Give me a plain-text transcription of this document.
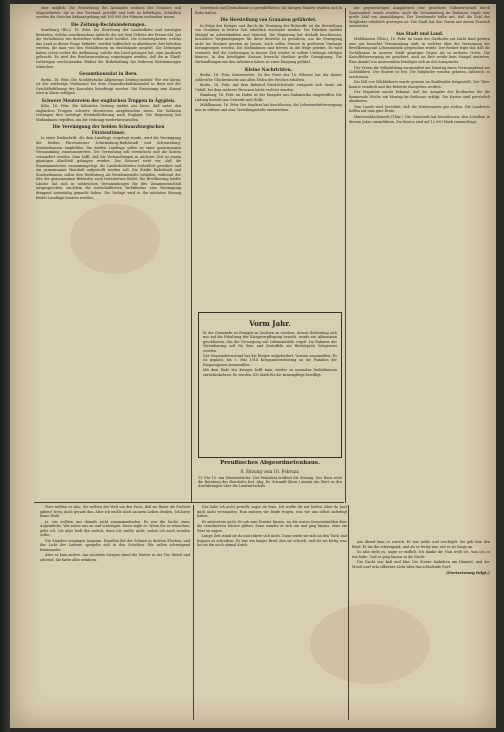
eher möglich. Die Festsetzung des Auslandes wohnen des Senators und Abgeordneten, die in den Vorstand gewählt und teils zu beleidigen, Schädlich worden die Gerichte Bekanntgebung mit 160 000 der Münzen vorhanden waren.

Die Zeitung-Rechtsänderungen.

Straßburg (Els.), 16. Febr. Die Beziehung der Landesflotte und sonstigen Behörden, welche unverkennbare Aufsicht der auf dem Gebiete der Presse übt, hat die Verhältnisse des deutschen Volkes nicht berührt. Die Schwierigkeiten, welche das Land in dieser Frage befindet, werden hoffentlich in absehbarer Zeit behoben werden, die man von den Verhältnissen im Reichslande ausgeht. Die Zeitungen haben schon vorher die Auffassung, welche das Land getragen hat, zum Ausdruck gebracht. Es wird der Reichsverwaltung vorgetragen werden, daß die in Elsaß-Lothringen erscheinenden Blätter die Beibehaltung der früheren Bestimmungen wünschen.

Gesamtkonsulat in Bern.

Berlin, 16. Febr. Die Norddeutsche Allgemeine Zeitung meldet: Wie wir hören, ist der seitherige Vizekonsul bei dem Gesandtschaftskonsulat in Bern mit der Geschäftsführung des Konsulats beauftragt worden. Die Ernennung zum Konsul wird in Kürze erfolgen.

Schwere Meutereien der englischen Truppen in Ägypten.

Köln, 16. Febr. Die Kölnische Zeitung meldet aus Kairo, daß unter den englischen Truppen schwere Meutereien ausgebrochen seien. Die Soldaten verlangen ihre sofortige Heimbeförderung nach England. Die Regierung hat Maßnahmen ergriffen, um die Ordnung wiederherzustellen.

Die Vereinigung der beiden Schwarzburgischen Fürstentümer.

In einer Denkschrift, die dem Landtage vorgelegt wurde, wird die Vereinigung der beiden Fürstentümer Schwarzburg-Rudolstadt und Schwarzburg-Sondershausen empfohlen. Die beiden Landtage sollen zu einer gemeinsamen Versammlung zusammentreten. Die Verwaltung soll vereinfacht und die Kosten vermindert werden. Man hofft, daß die Verhandlungen in nächster Zeit zu einem günstigen Abschluß gelangen werden. Der Entwurf sieht vor, daß die Staatsministerien zusammengelegt, die Landesbehörden einheitlich geordnet und ein gemeinsamer Haushalt aufgestellt werden soll. Die Städte Rudolstadt und Sondershausen sollen ihre Bedeutung als Residenzstädte behalten, während der Sitz der gemeinsamen Behörden noch festzusetzen bleibt. Die Bevölkerung beider Länder hat sich in zahlreichen Versammlungen für den Zusammenschluß ausgesprochen, nachdem die wirtschaftlichen Verhältnisse eine Vereinigung dringend notwendig gemacht haben. Die Vorlage wird in der nächsten Sitzung beider Landtage beraten werden.

Österreich und Deutschland zu gewährleisten; die übrigen Staaten würden sich in Ruhe halten.

Die Herstellung von Granaten gefährdet.

In Folge des Krieges und durch die Teuerung der Rohstoffe ist die Herstellung von Granaten in letzter Zeit erheblich erschwert worden. Die Fabriken melden Mangel an Arbeitskräften und Material. Die Regierung hat deshalb beschlossen, besondere Vergünstigungen für diese Betriebe zu gewähren, um die Erzeugung nicht ins Stocken geraten zu lassen. Auch sollen Frauen in größerem Umfange herangezogen werden. Die Maßnahmen sind bereits in die Wege geleitet. Es wird erwartet, daß die Lieferungen in kurzer Zeit wieder in vollem Umfange erfolgen können. In den beteiligten Kreisen herrscht darüber große Genugtuung. Die Verhandlungen mit den Arbeitern haben zu einer Einigung geführt.

Kleine Nachrichten.

Berlin, 16. Febr. Kaiserwetter. Zu der Feier des 16. Februar hat der Kaiser zahlreiche Glückwünsche aus allen Teilen des Reiches erhalten.

Berlin, 16. Febr. Auf dem Bahnhof Friedrichstraße ereignete sich heute ein Unfall, bei dem mehrere Personen leicht verletzt wurden.

Hamburg, 16. Febr. Im Hafen ist der Dampfer aus Südamerika eingetroffen. Die Ladung besteht aus Getreide und Wolle.

Mühlhausen, 16. Febr. Der Stadtrat hat beschlossen, die Lebensmittelversorgung neu zu ordnen und eine Verteilungsstelle einzurichten.

Vorm Jahr.

In der Gemeinde zu Prangen in Sachsen zu ersehen, dessen Bedeutung sich nur auf die Erhaltung der Kriegsverpflegung bezieht, wurde ein Abkommen geschlossen, das die Versorgung mit Lebensmitteln regelt. Im Rahmen der Vereinbarung soll für Brot und Kartoffeln ein Höchstpreis festgesetzt werden.

Der Gemeindevorstand hat die Bürger aufgefordert, Vorräte anzumelden. Es ist geplant, bis 1. Mai 1914 Kriegsunterstützung an die Familien der Eingezogenen auszuzahlen.

Mit dem Ende des Krieges hofft man, wieder zu normalen Verhältnissen zurückzukehren. Es wurden 300 Mark für die Armenpflege bewilligt.

Preußisches Abgeordnetenhaus.
8. Sitzung vom 16. Februar.

11 Uhr 15. Am Ministertische: Der Präsident eröffnet die Sitzung. Das Haus setzt die Beratung des Haushalts fort. Abg. Dr. Schmidt (Kons.) nimmt das Wort zu den Ausführungen über die Landwirtschaft.

der gegenwärtigen Ausgabezeit eine geordnete Volkswirtschaft durch Sparsamkeit erzielt worden. Auch die Versammlung im Rathause ergab eine große Zahl von Anmeldungen. Der Vorsitzende teilte mit, daß die Zahl der Mitglieder erheblich gestiegen ist. Die Stadt hat den Verein mit einem Zuschuß unterstützt.

Aus Stadt und Land.

Mühlhausen (Thür.), 16. Febr. Im Saale des Gasthofes zur Linde fand gestern eine gut besuchte Versammlung statt, in welcher über die Versorgung der Bevölkerung mit Lebensmitteln gesprochen wurde. Der Redner legte dar, daß die Verhältnisse in unserer Stadt günstiger liegen als in anderen Orten. Die Kartoffelversorgung sei gesichert, auch an Brot werde kein Mangel eintreten. Eine Anzahl von Anwesenden beteiligte sich an der Aussprache.

Der Verein für Volksbildung veranstaltet am Sonntag einen Vortragsabend mit Lichtbildern. Der Eintritt ist frei. Die Mitglieder werden gebeten, zahlreich zu erscheinen.

Ein Fall von Wilddieberei wurde gestern im Stadtwalde festgestellt. Der Täter konnte ermittelt und der Behörde übergeben werden.

Der Magistrat macht bekannt, daß die Ausgabe der Brotkarten für die kommende Woche am Montag im Rathause erfolgt. Die Karten sind persönlich abzuholen.

Vom Lande wird berichtet, daß die Wintersaaten gut stehen. Die Landwirte hoffen auf eine gute Ernte.

Hinterwaldschmiede (Thür.). Die Gemeinde hat beschlossen, den Schulbau in diesem Jahre auszuführen. Die Kosten sind auf 12 000 Mark veranschlagt.

Herr wollten es also, Sie wollten der Welt um den Preis, daß sie Ihnen die Freiheit gäben? Nein, nicht gerade das. Aber ich mußte doch an mein Leben denken. Ich hatte keine Wahl.

Ja, wir wollten uns damals nicht zusammenfinden. Es war die Sache eines Augenblicks. Wir sahen uns an und schwiegen. Dann sagte er: Wenn Sie es wünschen, gehe ich. Ich aber hielt ihn zurück, denn ich wußte nicht, wohin ich mich wenden sollte.

Die Stunden vergingen langsam. Draußen fiel der Schnee in dichten Flocken, und das Licht der Laterne spiegelte sich in den Scheiben. Wir saßen schweigend beieinander.

Aber es kam anders. Am nächsten Morgen stand die Mutter in der Tür, bleich und zitternd. Sie hatte alles erfahren.

Das habe ich nicht gewollt, sagte sie leise. Ich wollte dir nur helfen. Aber du hast mich nicht verstanden. Nun müssen wir beide tragen, was wir uns selbst auferlegt haben.

Er antwortete nicht. Er sah zum Fenster hinaus, wo die ersten Sonnenstrahlen über die verschneiten Dächer glitten. Dann wandte er sich um und ging hinaus, ohne ein Wort zu sagen.

Lange Zeit stand sie da und rührte sich nicht. Dann setzte sie sich an den Tisch und begann zu schreiben. Es war ein langer Brief, den sie schrieb, und als sie fertig war, las sie ihn noch einmal durch.

Am Abend kam er zurück. Er war müde und erschöpft. Sie gab ihm den Brief. Er las ihn schweigend, und als er fertig war, sah er sie lange an.

So also steht es, sagte er endlich. Ich danke dir. Nun weiß ich, was ich zu tun habe. Und er ging hinaus in die Nacht.

Die Nacht war kalt und klar. Die Sterne funkelten am Himmel, und der Mond warf sein silbernes Licht über das schlafende Dorf.

(Fortsetzung folgt.)
